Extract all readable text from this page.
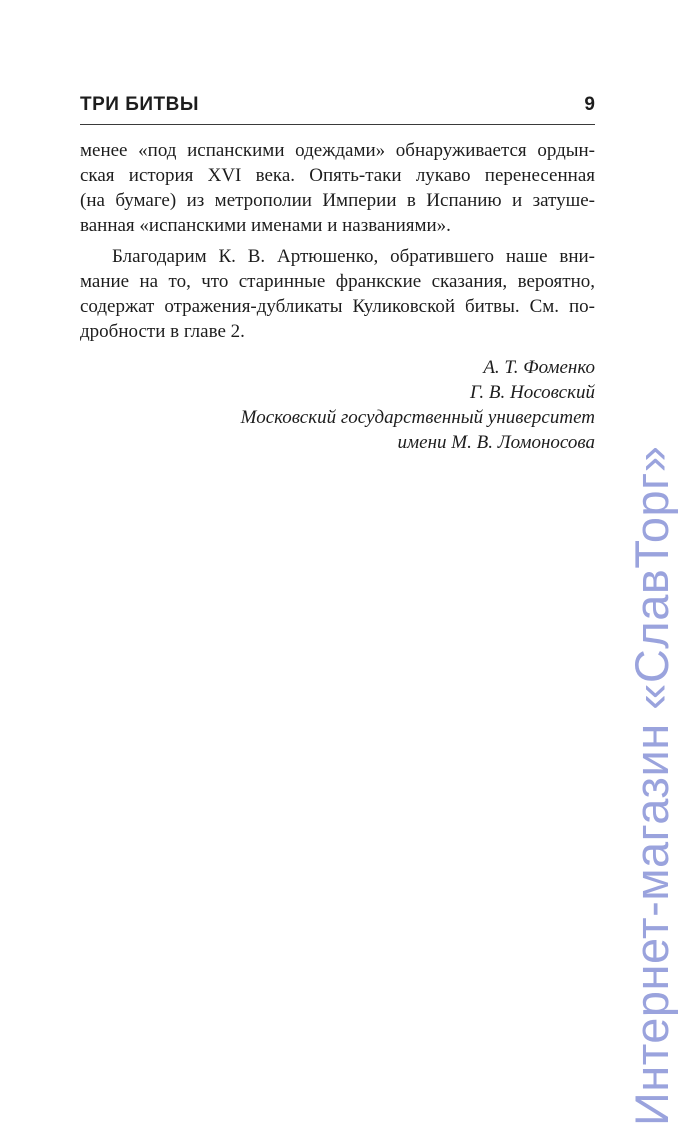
ТРИ БИТВЫ	9
менее «под испанскими одеждами» обнаруживается ордын-
ская история XVI века. Опять-таки лукаво перенесенная
(на бумаге) из метрополии Империи в Испанию и затуше-
ванная «испанскими именами и названиями».
Благодарим К. В. Артюшенко, обратившего наше вни-
мание на то, что старинные франкские сказания, вероятно,
содержат отражения-дубликаты Куликовской битвы. См. по-
дробности в главе 2.
А. Т. Фоменко
Г. В. Носовский
Московский государственный университет
имени М. В. Ломоносова
Интернет-магазин «СлавТорг»
